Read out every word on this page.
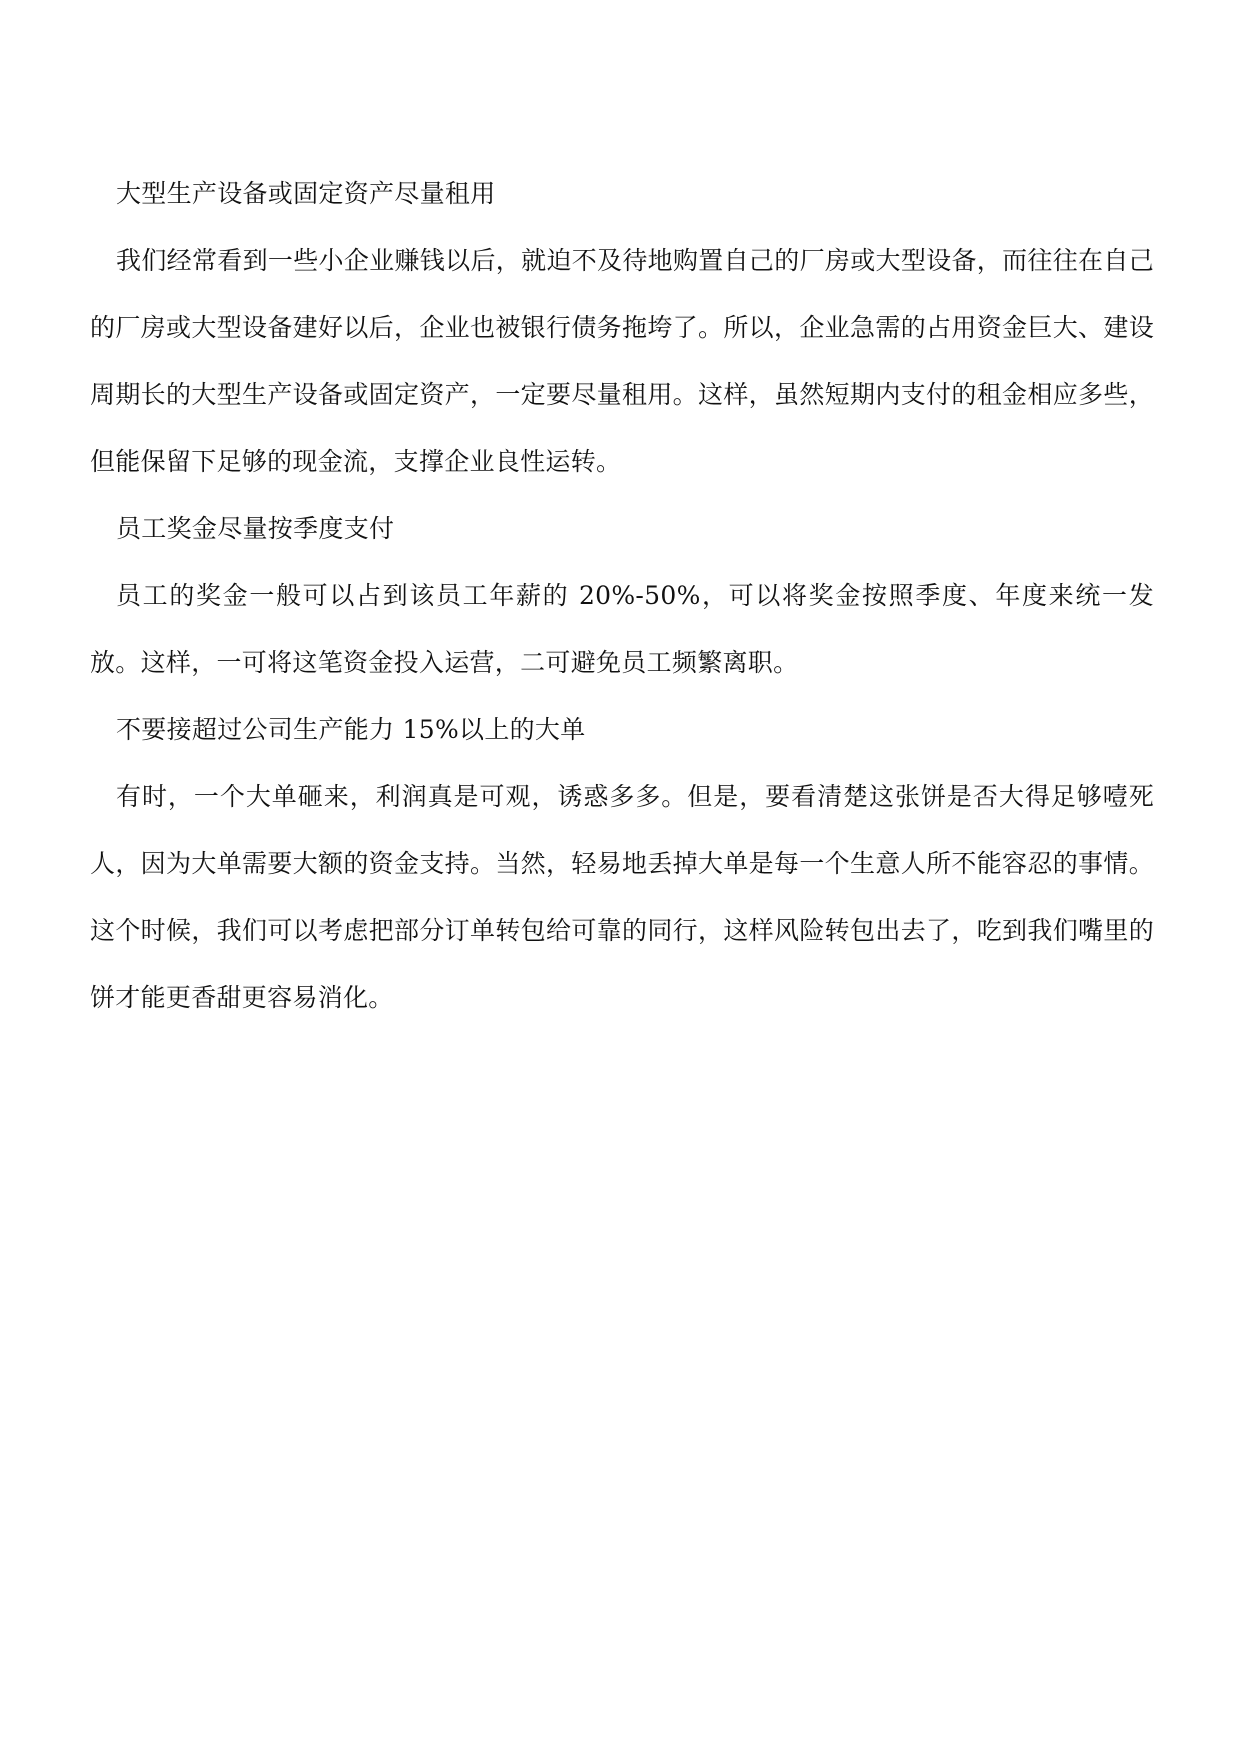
大型生产设备或固定资产尽量租用

我们经常看到一些小企业赚钱以后，就迫不及待地购置自己的厂房或大型设备，而往往在自己的厂房或大型设备建好以后，企业也被银行债务拖垮了。所以，企业急需的占用资金巨大、建设周期长的大型生产设备或固定资产，一定要尽量租用。这样，虽然短期内支付的租金相应多些，但能保留下足够的现金流，支撑企业良性运转。

员工奖金尽量按季度支付

员工的奖金一般可以占到该员工年薪的 20%-50%，可以将奖金按照季度、年度来统一发放。这样，一可将这笔资金投入运营，二可避免员工频繁离职。

不要接超过公司生产能力 15%以上的大单

有时，一个大单砸来，利润真是可观，诱惑多多。但是，要看清楚这张饼是否大得足够噎死人，因为大单需要大额的资金支持。当然，轻易地丢掉大单是每一个生意人所不能容忍的事情。这个时候，我们可以考虑把部分订单转包给可靠的同行，这样风险转包出去了，吃到我们嘴里的饼才能更香甜更容易消化。
